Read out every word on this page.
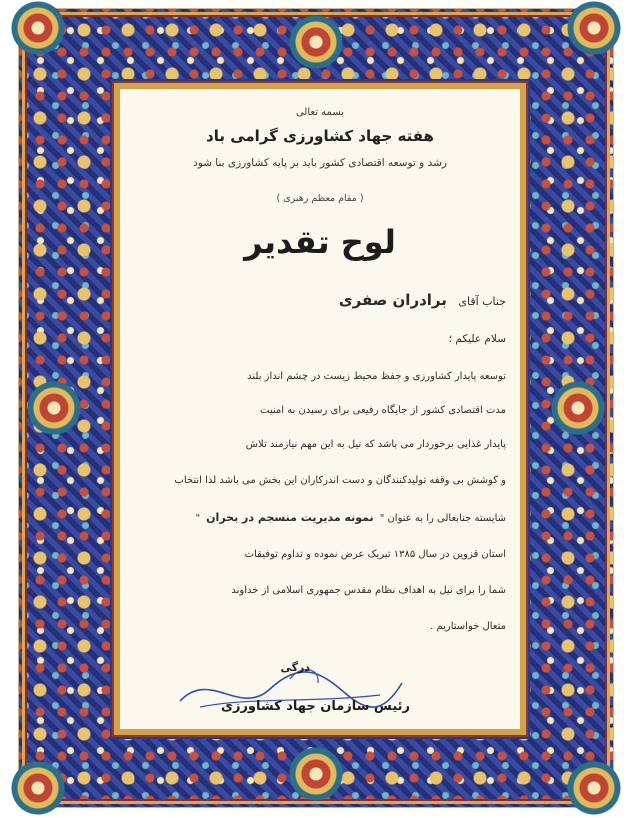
بسمه تعالی
هفته جهاد کشاورزی گرامی باد
رشد و توسعه اقتصادی کشور باید بر پایه کشاورزی بنا شود
( مقام معظم رهبری )
لوح تقدیر
جناب آقای برادران صفری
سلام علیکم ؛
توسعه پایدار کشاورزی و حفظ محیط زیست در چشم انداز بلند
مدت اقتصادی کشور از جایگاه رفیعی برای رسیدن به امنیت
پایدار غذایی برخوردار می باشد که نیل به این مهم نیازمند تلاش
و کوشش بی وقفه تولیدکنندگان و دست اندرکاران این بخش می باشد لذا انتخاب
شایسته جنابعالی را به عنوان "نمونه مدیریت منسجم در بحران"
استان قزوین در سال ۱۳۸۵ تبریک عرض نموده و تداوم توفیقات
شما را برای نیل به اهداف نظام مقدس جمهوری اسلامی از خداوند
متعال خواستاریم .
درگی
رئیس سازمان جهاد کشاورزی
